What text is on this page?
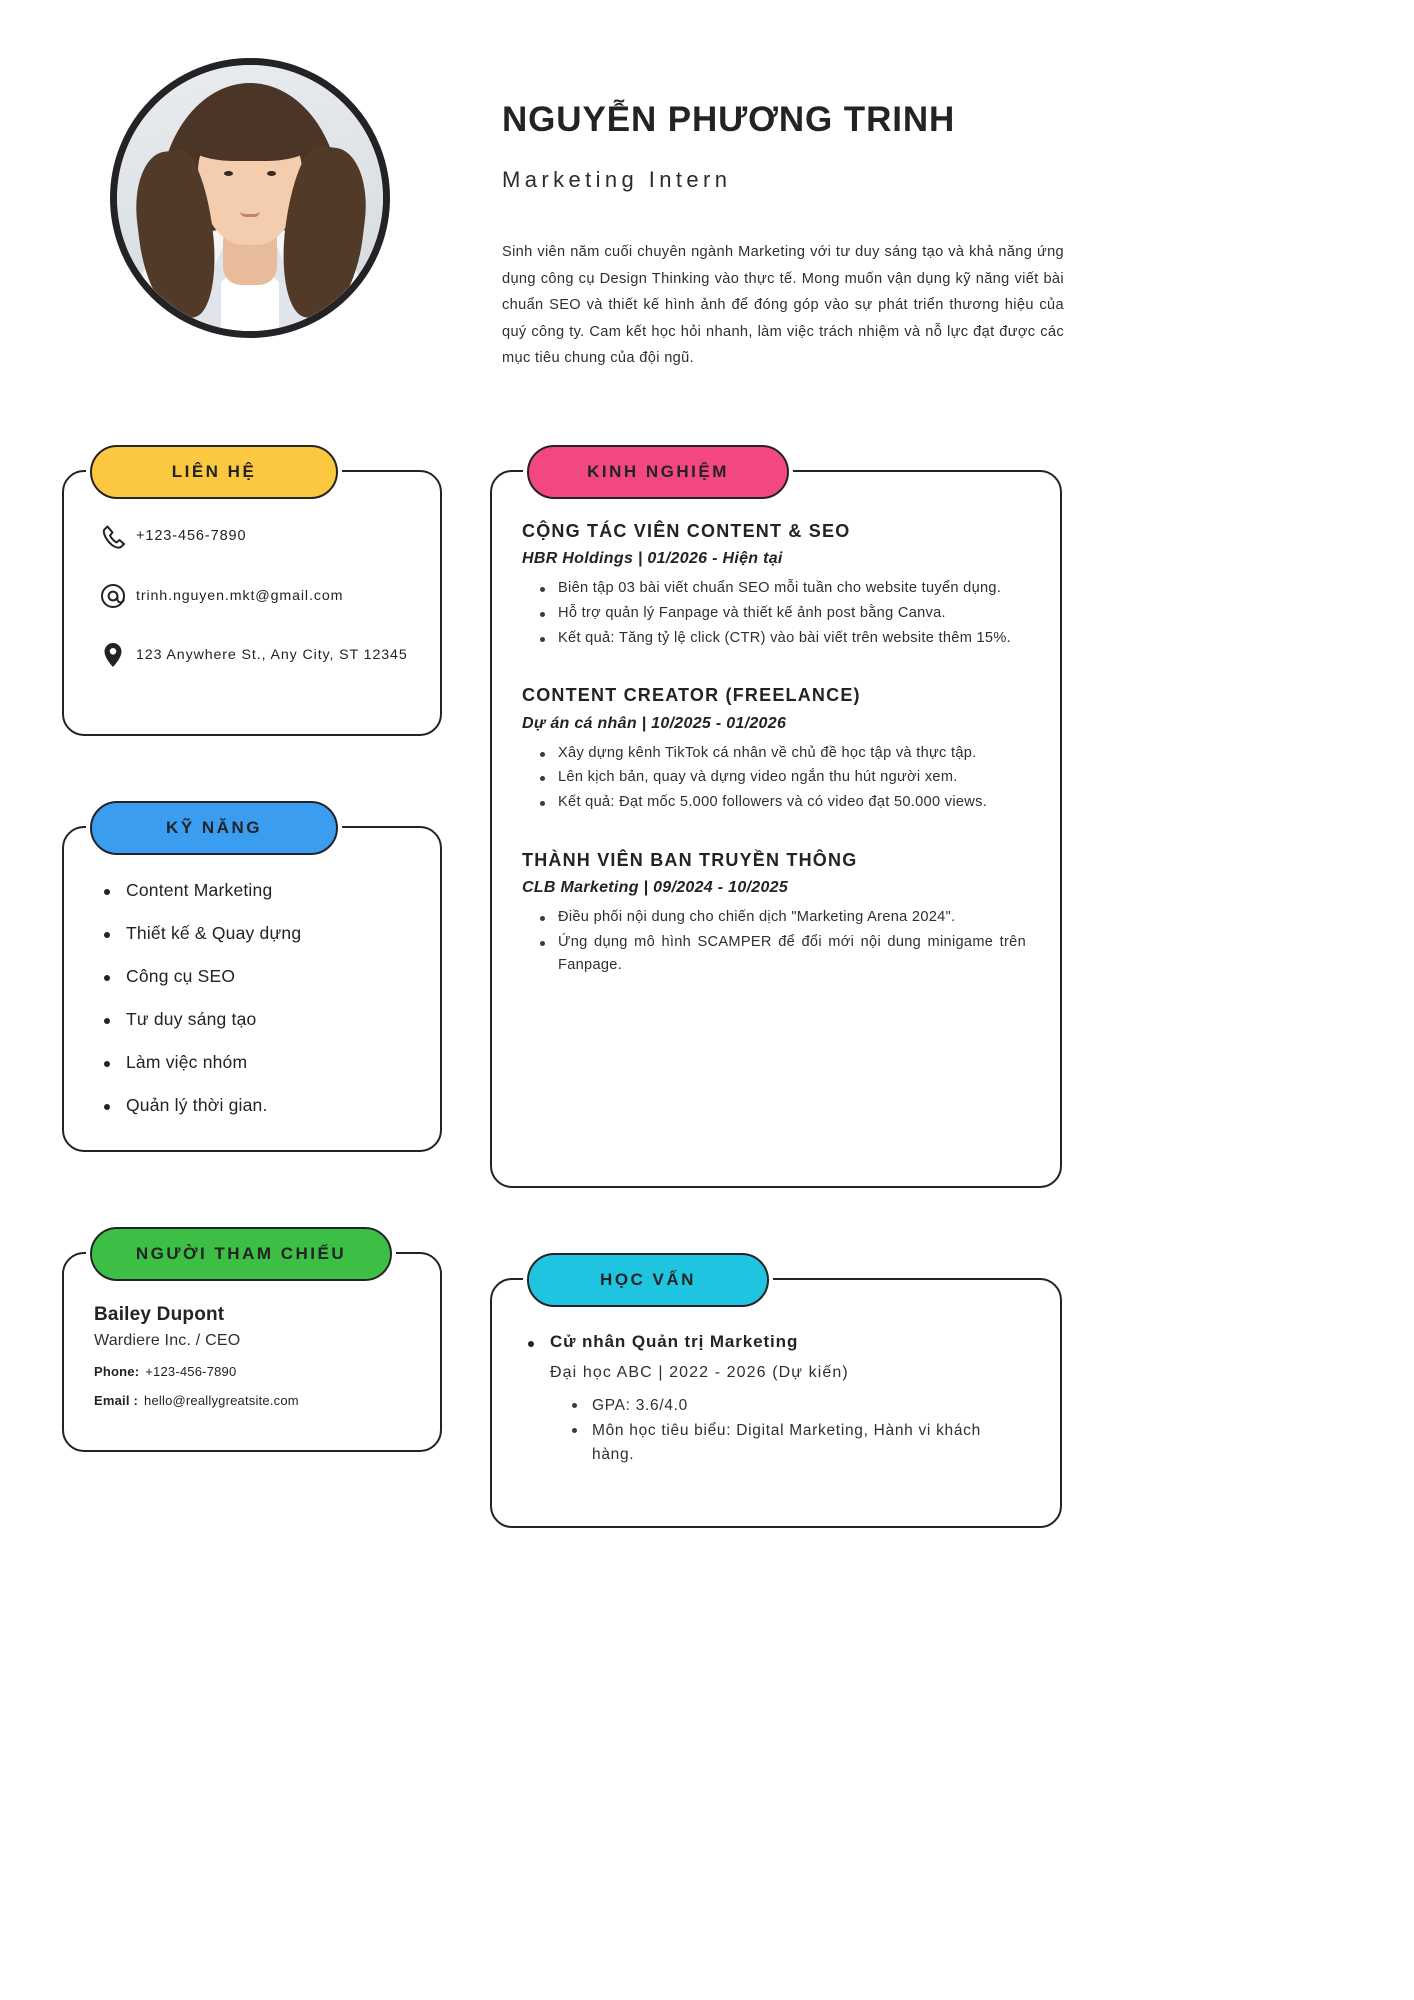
NGUYỄN PHƯƠNG TRINH
Marketing Intern
Sinh viên năm cuối chuyên ngành Marketing với tư duy sáng tạo và khả năng ứng dụng công cụ Design Thinking vào thực tế. Mong muốn vận dụng kỹ năng viết bài chuẩn SEO và thiết kế hình ảnh để đóng góp vào sự phát triển thương hiệu của quý công ty. Cam kết học hỏi nhanh, làm việc trách nhiệm và nỗ lực đạt được các mục tiêu chung của đội ngũ.
LIÊN HỆ
+123-456-7890
trinh.nguyen.mkt@gmail.com
123 Anywhere St., Any City, ST 12345
KỸ NĂNG
Content Marketing
Thiết kế & Quay dựng
Công cụ SEO
Tư duy sáng tạo
Làm việc nhóm
Quản lý thời gian.
NGƯỜI THAM CHIẾU
Bailey Dupont
Wardiere Inc. / CEO
Phone: +123-456-7890
Email : hello@reallygreatsite.com
KINH NGHIỆM
CỘNG TÁC VIÊN CONTENT & SEO
HBR Holdings | 01/2026 - Hiện tại
Biên tập 03 bài viết chuẩn SEO mỗi tuần cho website tuyển dụng.
Hỗ trợ quản lý Fanpage và thiết kế ảnh post bằng Canva.
Kết quả: Tăng tỷ lệ click (CTR) vào bài viết trên website thêm 15%.
CONTENT CREATOR (FREELANCE)
Dự án cá nhân | 10/2025 - 01/2026
Xây dựng kênh TikTok cá nhân về chủ đề học tập và thực tập.
Lên kịch bản, quay và dựng video ngắn thu hút người xem.
Kết quả: Đạt mốc 5.000 followers và có video đạt 50.000 views.
THÀNH VIÊN BAN TRUYỀN THÔNG
CLB Marketing | 09/2024 - 10/2025
Điều phối nội dung cho chiến dịch "Marketing Arena 2024".
Ứng dụng mô hình SCAMPER để đổi mới nội dung minigame trên Fanpage.
HỌC VẤN
Cử nhân Quản trị Marketing
Đại học ABC | 2022 - 2026 (Dự kiến)
GPA: 3.6/4.0
Môn học tiêu biểu: Digital Marketing, Hành vi khách hàng.
